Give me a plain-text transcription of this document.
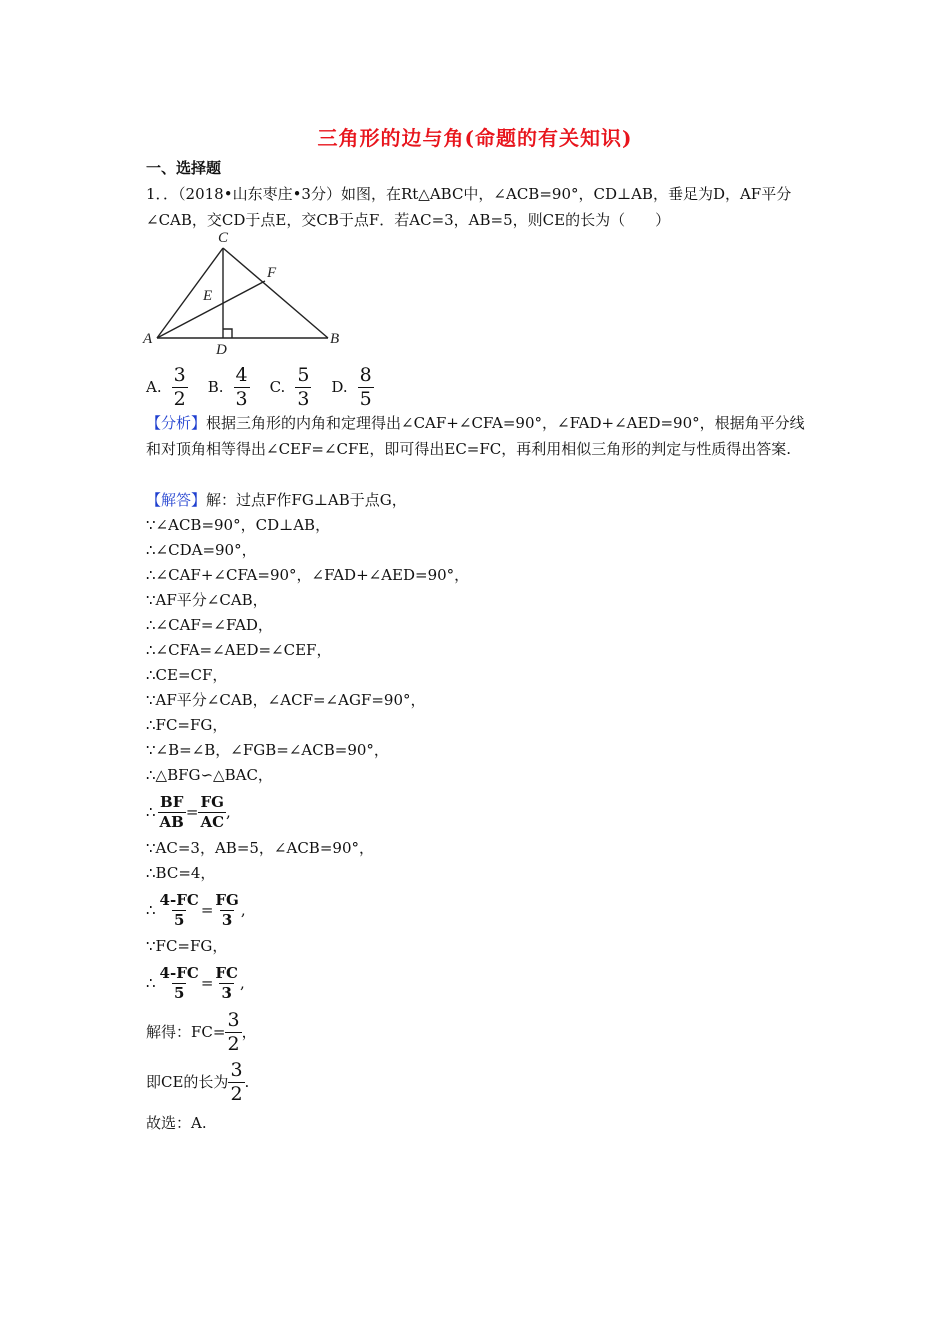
三角形的边与角(命题的有关知识)
一、选择题
1．．（2018•山东枣庄•3分）如图，在Rt△ABC中，∠ACB=90°，CD⊥AB，垂足为D，AF平分∠CAB，交CD于点E，交CB于点F．若AC=3，AB=5，则CE的长为（　　）
C
F
E
A
D
B
A. $\frac{3}{2} B$. $\frac{4}{3} C$. $\frac{5}{3} D$. $\frac{8}{5}$
【分析】根据三角形的内角和定理得出∠CAF+∠CFA=90°，∠FAD+∠AED=90°，根据角平分线和对顶角相等得出∠CEF=∠CFE，即可得出EC=FC，再利用相似三角形的判定与性质得出答案.
【解答】解：过点F作FG⊥AB于点G，
∵∠ACB=90°，CD⊥AB，
∴∠CDA=90°，
∴∠CAF+∠CFA=90°，∠FAD+∠AED=90°，
∵AF平分∠CAB，
∴∠CAF=∠FAD，
∴∠CFA=∠AED=∠CEF，
∴CE=CF，
∵AF平分∠CAB，∠ACF=∠AGF=90°，
∴FC=FG，
∵∠B=∠B，∠FGB=∠ACB=90°，
∴△BFG∽△BAC，
∴ $\frac{BF}{AB} = \frac{FG}{AC}$ ,
∵AC=3，AB=5，∠ACB=90°，
∴BC=4，
∴ $\frac{4-FC}{5} = \frac{FG}{3}$ ,
∵FC=FG，
∴ $\frac{4-FC}{5} = \frac{FC}{3}$ ,
解得：$FC= \frac{3}{2}$ ，
即CE的长为 $\frac{3}{2}$ .
故选：A.
